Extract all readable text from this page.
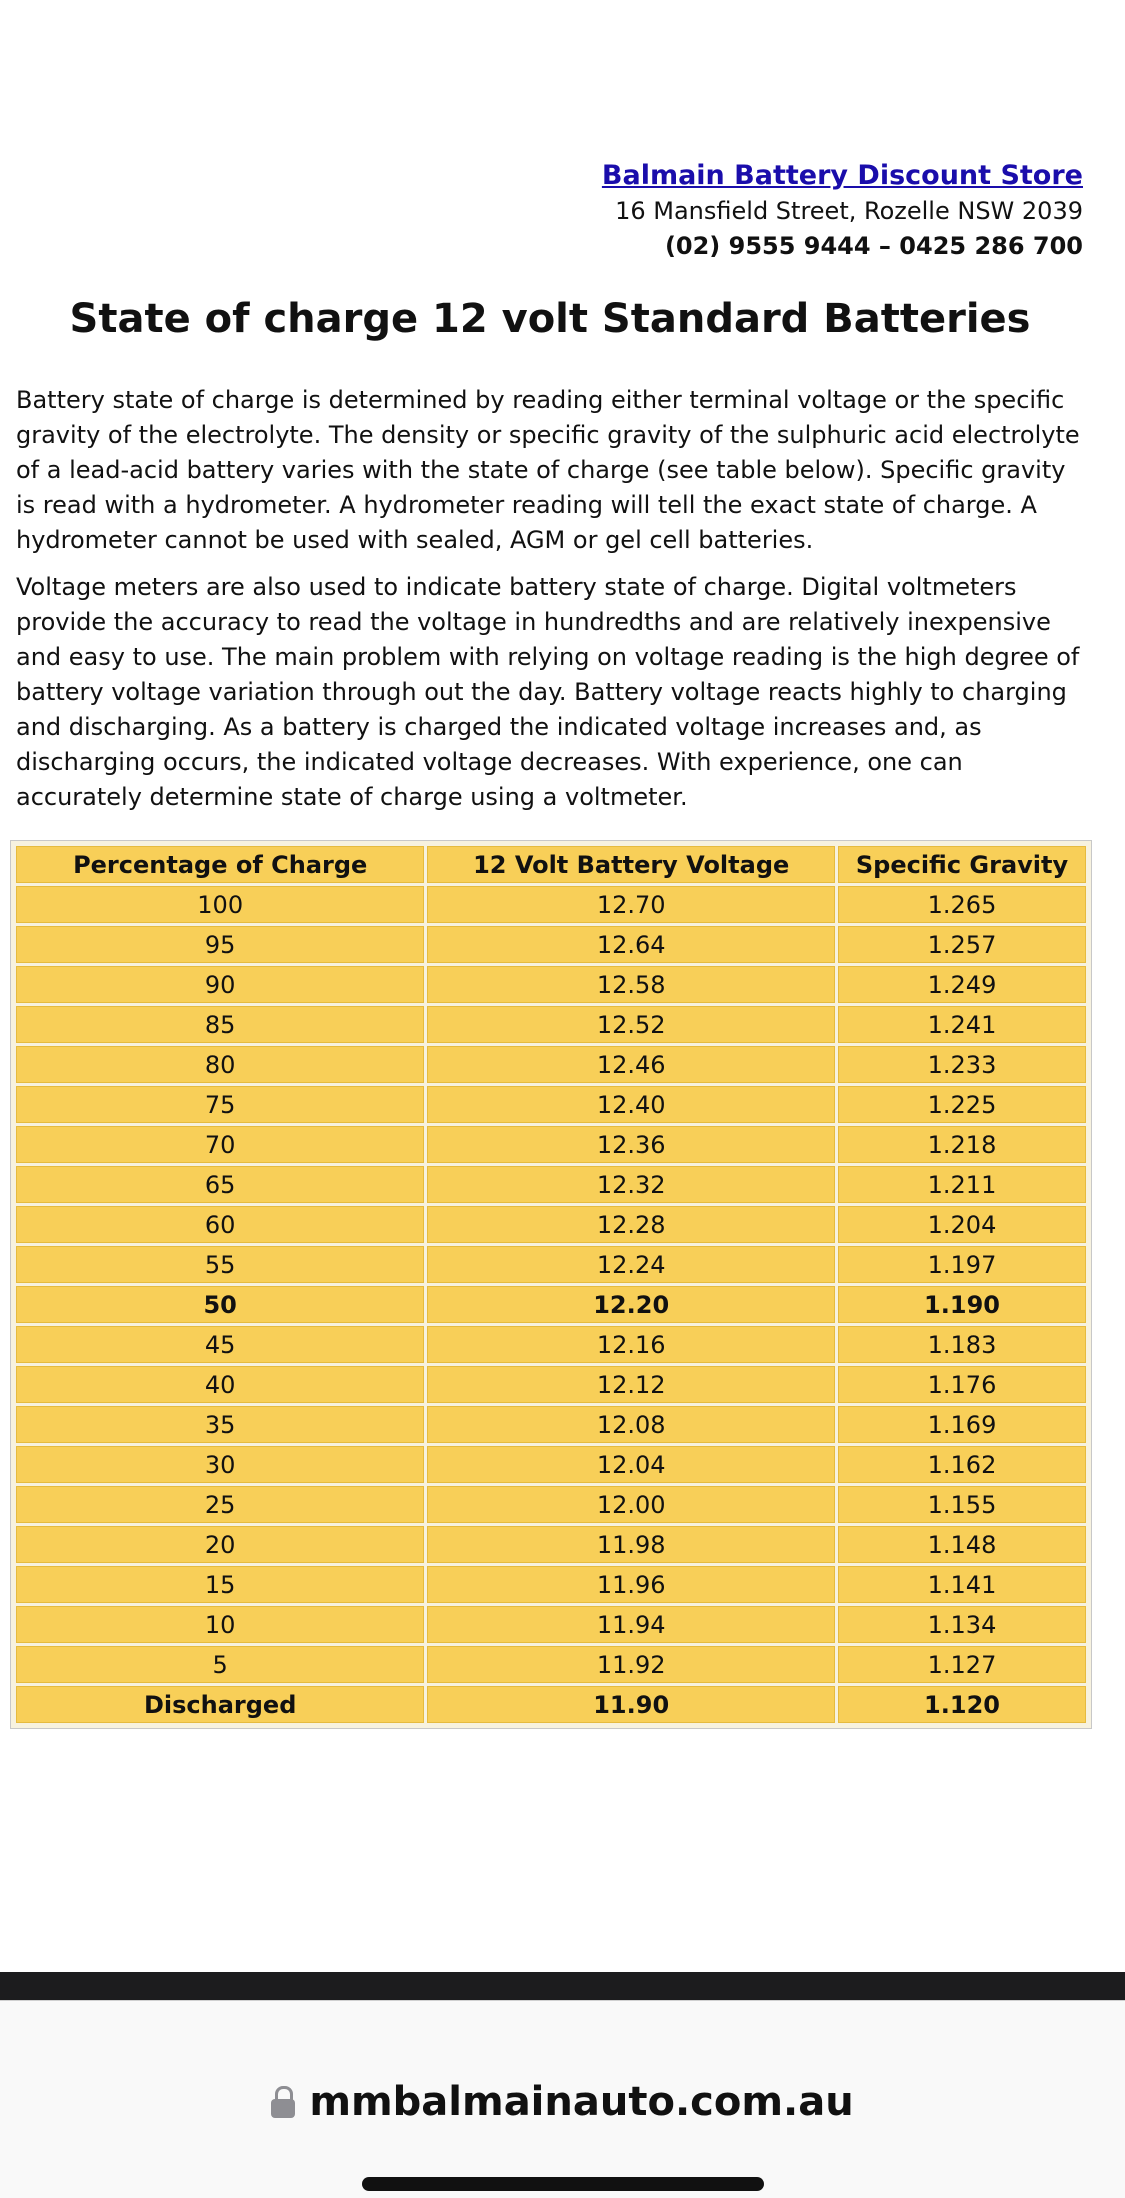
Balmain Battery Discount Store
16 Mansfield Street, Rozelle NSW 2039
(02) 9555 9444 – 0425 286 700
State of charge 12 volt Standard Batteries

Battery state of charge is determined by reading either terminal voltage or the specific gravity of the electrolyte. The density or specific gravity of the sulphuric acid electrolyte of a lead-acid battery varies with the state of charge (see table below). Specific gravity is read with a hydrometer. A hydrometer reading will tell the exact state of charge. A hydrometer cannot be used with sealed, AGM or gel cell batteries.

Voltage meters are also used to indicate battery state of charge. Digital voltmeters provide the accuracy to read the voltage in hundredths and are relatively inexpensive and easy to use. The main problem with relying on voltage reading is the high degree of battery voltage variation through out the day. Battery voltage reacts highly to charging and discharging. As a battery is charged the indicated voltage increases and, as discharging occurs, the indicated voltage decreases. With experience, one can accurately determine state of charge using a voltmeter.

Percentage of Charge	12 Volt Battery Voltage	Specific Gravity
100	12.70	1.265
95	12.64	1.257
90	12.58	1.249
85	12.52	1.241
80	12.46	1.233
75	12.40	1.225
70	12.36	1.218
65	12.32	1.211
60	12.28	1.204
55	12.24	1.197
50	12.20	1.190
45	12.16	1.183
40	12.12	1.176
35	12.08	1.169
30	12.04	1.162
25	12.00	1.155
20	11.98	1.148
15	11.96	1.141
10	11.94	1.134
5	11.92	1.127
Discharged	11.90	1.120
mmbalmainauto.com.au
